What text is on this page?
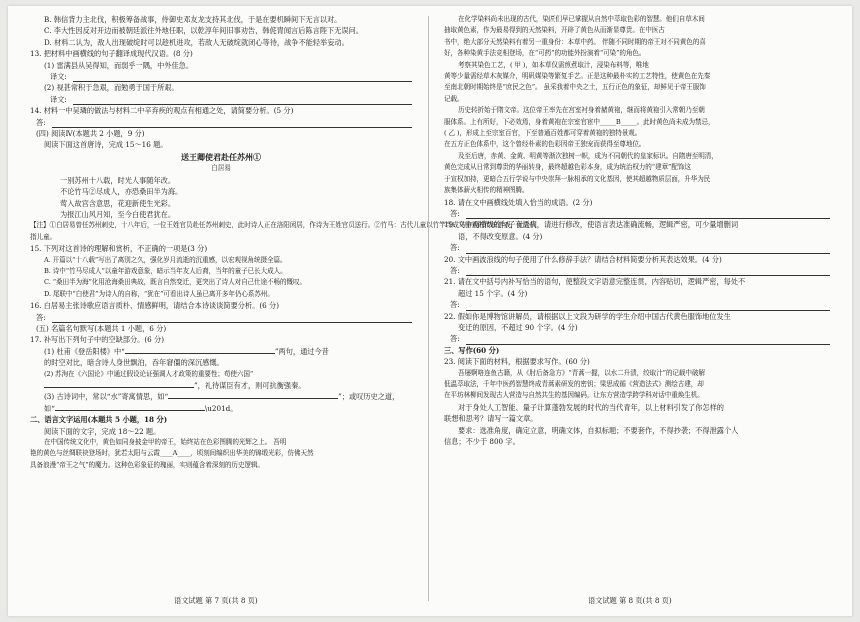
B. 韩信背力主北伐，积极筹备战事，侍御史邓友龙支持其北伐，于是在要机瞬间下无言以对。

C. 李大性因反对开边而被朝廷派往外地任职，以乾淳年间旧事劝告，韩侂胄闻言后陈言陛下无误问。

D. 材料二认为，敌人出现破绽时可以趁机进攻，若敌人无破绽就闭心等待，战争不能轻举妄动。

13. 把材料中画横线的句子翻译成现代汉语。(8 分)

(1) 雷满县从吴得知，而弱乎一隅，中外佳急。

译文:

(2) 视甚常积于急艰，而勉勇于国于所艰。

译文:

14. 材料一中吴璘的做法与材料二中辛弃疾的观点有相通之处，请简要分析。(5 分)

答:

(四) 阅读Ⅳ(本题共 2 小题，9 分)

阅读下面这首唐诗，完成 15～16 题。

送王卿使君赴任苏州①

白居易

一别苏州十八载，时光人事随年改。

不论竹马②尽成人，亦恐桑田半为海。

莺入故宫含意思，花迎新使生光彩。

为报江山风月知，至今白使君犹在。

【注】①白居易曾任苏州刺史，十八年后，一位王姓官员赴任苏州刺史，此时诗人正在洛阳闲居，作诗为王姓官员送行。②竹马：古代儿童以竹竿当成马游戏的传统游戏，此处代

指儿童。

15. 下列对这首诗的理解和赏析，不正确的一项是(3 分)

A. 开篇以“十八载”写出了离别之久，强化岁月流逝的沉重感，以宏观视角统摄全篇。

B. 诗中“竹马尽成人”以童年游戏意象，暗示当年友人后裔，当年的童子已长大成人。

C. “桑田半为海”化用沧海桑田典故，既言自然变迁，更突出了诗人对自己仕途不畅的慨叹。

D. 尾联中“白使君”为诗人的自称，“犹在”可看出诗人虽已离开多年仍心系苏州。

16. 白居易主张诗歌应语言质朴、情感鲜明，请结合本诗谈谈简要分析。(6 分)

答:

(五) 名篇名句默写(本题共 1 小题，6 分)

17. 补写出下列句子中的空缺部分。(6 分)

(1) 杜甫《登岳阳楼》中“	”两句，通过今昔

的时空对比，暗含诗人身世飘泊，吞年窘僵的深沉感慨。

(2) 苏洵在《六国论》中通过假设论证强调人才政策的重要性；苟使六国“

”，礼待谋臣有才，则可抗衡强秦。

(3) 古诗词中，常以“水”寄寓情思，如“	”；或叹历史之道，

如“	\u201d。

二、语言文字运用(本题共 5 小题，18 分)

阅读下面的文字，完成 18～22 题。

在中国传统文化中，黄色如同身披金甲的帝王，始终站在色彩图腾的光辉之上。 吾明

艳的黄色与丝绸联袂登场时，犹若太阳与云霞____A____，顷刻间编织出华美的锦缎光彩，仿佛天然

具备浪漫“帝王之气”的魔力。这种色彩象征的瑰丽，实则蕴含着深刻的历史逻辑。

在化学染料尚未出现的古代，染匠们早已掌握从自然中萃取色彩的智慧。他们自草木间

抽取黄色素，作为最易得到的天然染料，开辟了黄色从而渐显尊贵。在中医古

书中，绝大部分天然染料有着另一重身份：本草中药。 伴随不同时期的帝王对不同黄色的喜

好，各种染黄手法竞相登场，在“可药”的功能外扮演着“可染”的角色。

考察其染色工艺，( 甲 )，如本草仅需煎煮取汁，浸染布料等，唯地

黄等少量需经草木灰媒介，明矾媒染等繁复手艺。正是这种最朴实的工艺特性，使黄色在先秦

至南北朝时期始终是“庶民之色”。 虽采我着中央之土，五行正色的象征，却鲜见于帝王服饰

记载。

历史转折始于隋文帝。这位帝王率先在宫室衬身着赭黄袍，继而将黄袍引入常朝乃至朝

服体系。上有所好，下必效焉，身着黄袍在宗室官宦中_____B_____。此时黄色尚未成为禁忌，

( 乙 )，形成上至宗室百官，下至普通百姓都可穿着黄袍的独特景观。

在五方正色体系中，这个曾经朴素的色彩因帝王独宠而获得至尊地位。

及至后唐，赤黄、金黄、明黄等渐次独树一帜，成为不同朝代的皇家标识。自隋唐至明清，

黄色完成从日常到尊贵的华丽转身，最终超越色彩本身，成为统治权力的“建章”配饰这

于宣权加持，更暗合五行学说与中央崇拜一脉相承的文化基因，使其超越物质层面，升华为民

族集体薪火相传的精神图腾。

18. 请在文中画横线处填入恰当的成语。(2 分)

答:

19. 文中画横线的句子有语病，请进行修改，使语言表达准确流畅，逻辑严密，可少量增删词

语，不得改变原意。(4 分)

答:

20. 文中画波浪线的句子使用了什么修辞手法？请结合材料简要分析其表达效果。(4 分)

答:

21. 请在文中括号内补写恰当的语句，使整段文字语意完整连贯，内容贴切，逻辑严密，每处不

超过 15 个字。(4 分)

答:

22. 假如你是博物馆讲解员，请根据以上文段为研学的学生介绍中国古代黄色服饰地位发生

变迁的原因，不超过 90 个字。(4 分)

答:

三、写作(60 分)

23. 阅读下面的材料，根据要求写作。(60 分)

吾屡婀咯连鱼古籍，从《肘后备急方》“青蒿一握，以水二升渍，绞取汁”的记载中破解

低温萃取法，千年中医药智慧终成青蒿素研发的密钥；梁思成循《营造法式》测绘古建，却

在平坊林柳间发现古人营造与自然共生的基因编码，让东方营造学跨学科对话中重焕生机。

对于身处人工智能、量子计算蓬勃发展的时代的当代青年，以上材料引发了你怎样的

联想和思考？请写一篇文章。

要求：选准角度，确定立意，明确文体，自拟标题；不要套作，不得抄袭；不得泄露个人

信息；不少于 800 字。

语文试题 第 7 页(共 8 页)	语文试题 第 8 页(共 8 页)
